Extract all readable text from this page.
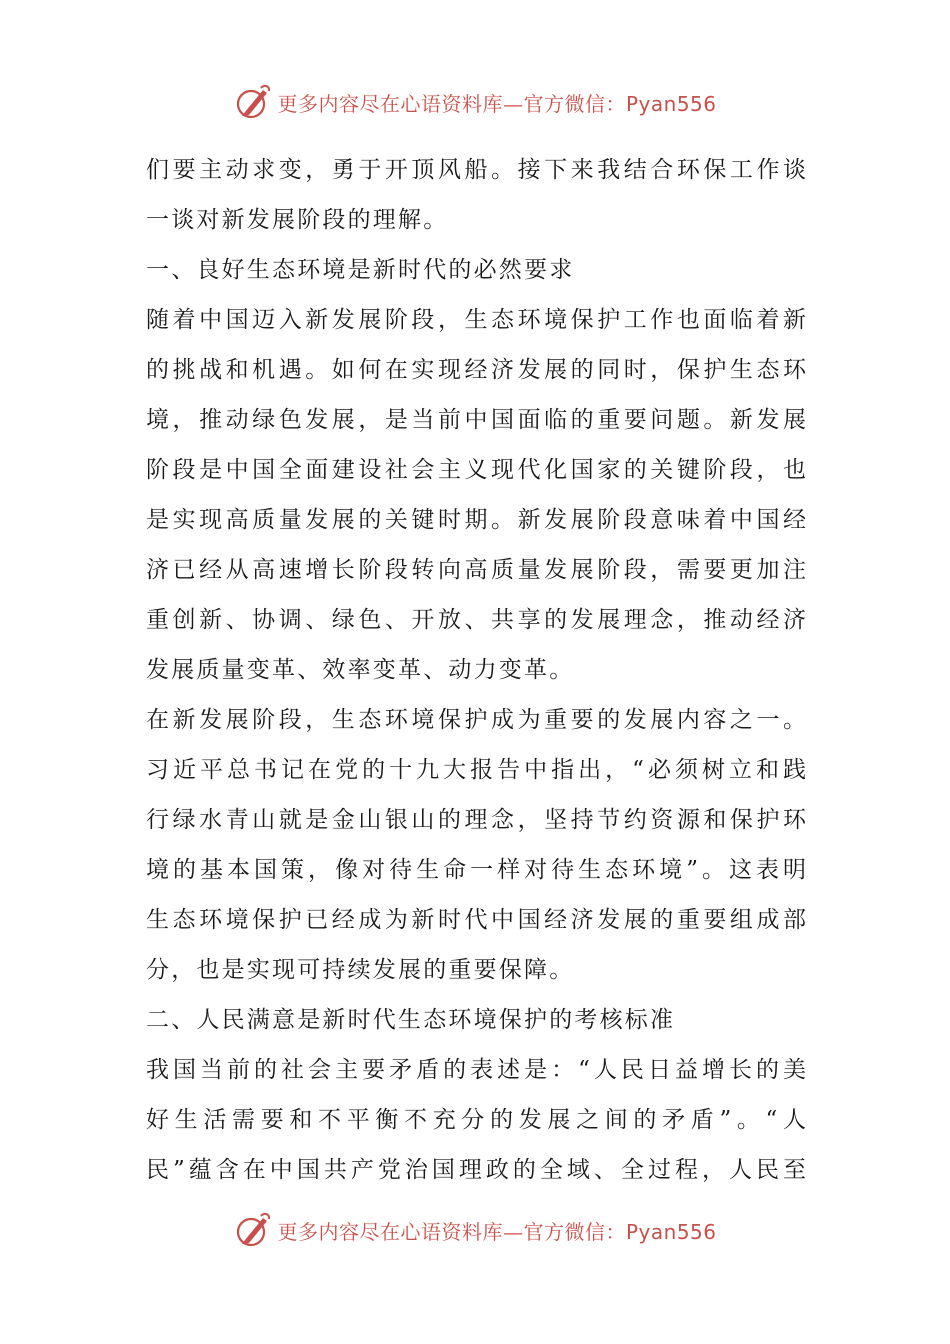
更多内容尽在心语资料库—官方微信：Pyan556
们要主动求变，勇于开顶风船。接下来我结合环保工作谈
一谈对新发展阶段的理解。
一、良好生态环境是新时代的必然要求
随着中国迈入新发展阶段，生态环境保护工作也面临着新
的挑战和机遇。如何在实现经济发展的同时，保护生态环
境，推动绿色发展，是当前中国面临的重要问题。新发展
阶段是中国全面建设社会主义现代化国家的关键阶段，也
是实现高质量发展的关键时期。新发展阶段意味着中国经
济已经从高速增长阶段转向高质量发展阶段，需要更加注
重创新、协调、绿色、开放、共享的发展理念，推动经济
发展质量变革、效率变革、动力变革。
在新发展阶段，生态环境保护成为重要的发展内容之一。
习近平总书记在党的十九大报告中指出，“必须树立和践
行绿水青山就是金山银山的理念，坚持节约资源和保护环
境的基本国策，像对待生命一样对待生态环境”。这表明
生态环境保护已经成为新时代中国经济发展的重要组成部
分，也是实现可持续发展的重要保障。
二、人民满意是新时代生态环境保护的考核标准
我国当前的社会主要矛盾的表述是：“人民日益增长的美
好生活需要和不平衡不充分的发展之间的矛盾”。“人
民”蕴含在中国共产党治国理政的全域、全过程，人民至
更多内容尽在心语资料库—官方微信：Pyan556
